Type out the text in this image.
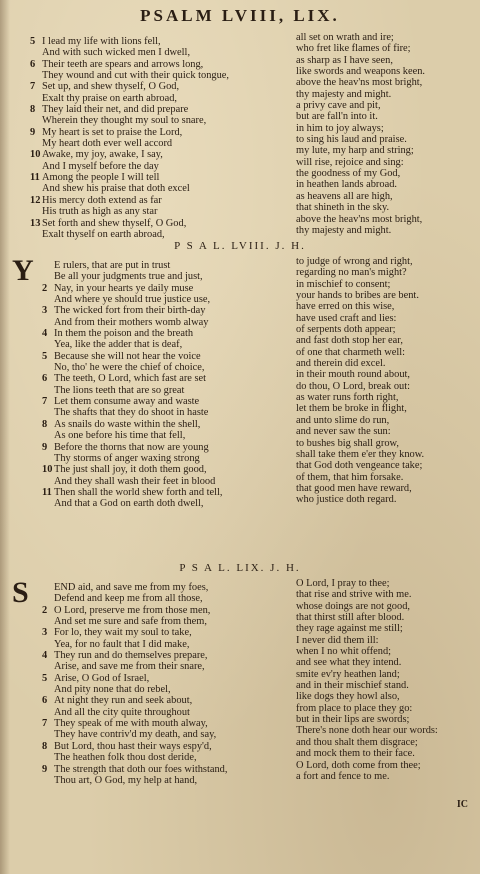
PSALM LVIII, LIX.
5 I lead my life with lions fell,
And with such wicked men I dwell,
6 Their teeth are spears and arrows long,
They wound and cut with their quick tongue,
7 Set up, and shew thyself, O God,
Exalt thy praise on earth abroad,
8 They laid their net, and did prepare
Wherein they thought my soul to snare,
9 My heart is set to praise the Lord,
My heart doth ever well accord
10 Awake, my joy, awake, I say,
And I myself before the day
11 Among the people I will tell
And shew his praise that doth excel
12 His mercy doth extend as far
His truth as high as any star
13 Set forth and shew thyself, O God,
Exalt thyself on earth abroad,
all set on wrath and ire;
who fret like flames of fire;
as sharp as I have seen,
like swords and weapons keen.
above the heav'ns most bright,
thy majesty and might.
a privy cave and pit,
but are fall'n into it.
in him to joy always;
to sing his laud and praise.
my lute, my harp and string;
will rise, rejoice and sing:
the goodness of my God,
in heathen lands abroad.
as heavens all are high,
that shineth in the sky.
above the heav'ns most bright,
thy majesty and might.
P S A L. LVIII. J. H.
Y	E rulers, that are put in trust
Be all your judgments true and just,
2 Nay, in your hearts ye daily muse
And where ye should true justice use,
3 The wicked fort from their birth-day
And from their mothers womb alway
4 In them the poison and the breath
Yea, like the adder that is deaf,
5 Because she will not hear the voice
No, tho' he were the chief of choice,
6 The teeth, O Lord, which fast are set
The lions teeth that are so great
7 Let them consume away and waste
The shafts that they do shoot in haste
8 As snails do waste within the shell,
As one before his time that fell,
9 Before the thorns that now are young
Thy storms of anger waxing strong
10 The just shall joy, it doth them good,
And they shall wash their feet in blood
11 Then shall the world shew forth and tell,
And that a God on earth doth dwell,
to judge of wrong and right,
regarding no man's might?
in mischief to consent;
your hands to bribes are bent.
have erred on this wise,
have used craft and lies:
of serpents doth appear;
and fast doth stop her ear,
of one that charmeth well:
and therein did excel.
in their mouth round about,
do thou, O Lord, break out:
as water runs forth right,
let them be broke in flight,
and unto slime do run,
and never saw the sun:
to bushes big shall grow,
shall take them e'er they know.
that God doth vengeance take;
of them, that him forsake.
that good men have reward,
who justice doth regard.
P S A L. LIX. J. H.
S	END aid, and save me from my foes,
Defend and keep me from all those,
2 O Lord, preserve me from those men,
And set me sure and safe from them,
3 For lo, they wait my soul to take,
Yea, for no fault that I did make,
4 They run and do themselves prepare,
Arise, and save me from their snare,
5 Arise, O God of Israel,
And pity none that do rebel,
6 At night they run and seek about,
And all the city quite throughout
7 They speak of me with mouth alway,
They have contriv'd my death, and say,
8 But Lord, thou hast their ways espy'd,
The heathen folk thou dost deride,
9 The strength that doth our foes withstand,
Thou art, O God, my help at hand,
O Lord, I pray to thee;
that rise and strive with me.
whose doings are not good,
that thirst still after blood.
they rage against me still;
I never did them ill:
when I no whit offend;
and see what they intend.
smite ev'ry heathen land;
and in their mischief stand.
like dogs they howl also,
from place to place they go:
but in their lips are swords;
There's none doth hear our words:
and thou shalt them disgrace;
and mock them to their face.
O Lord, doth come from thee;
a fort and fence to me.
IC
